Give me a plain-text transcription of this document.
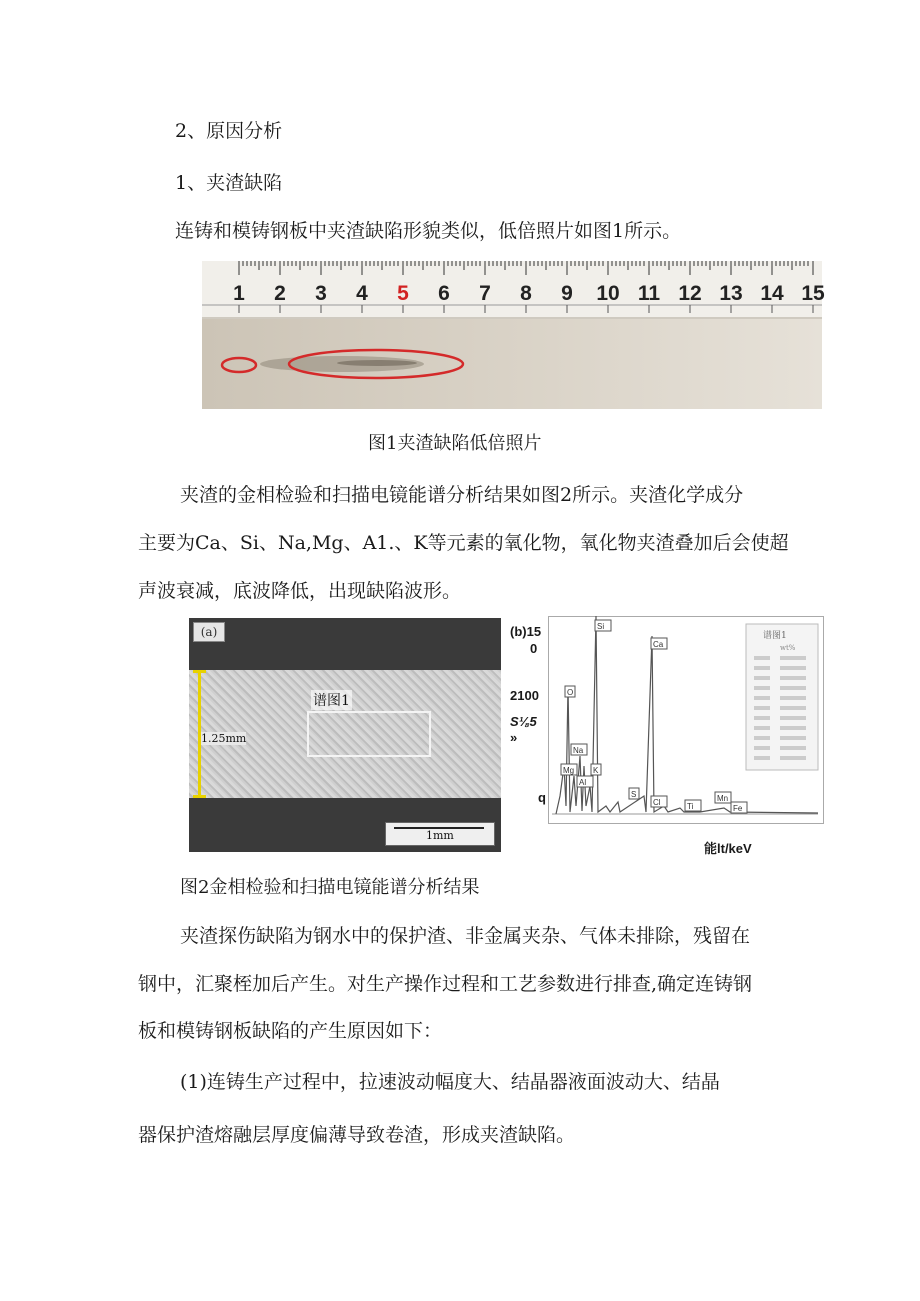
2、原因分析
1、夹渣缺陷
连铸和模铸钢板中夹渣缺陷形貌类似，低倍照片如图1所示。
1 2 3 4 5 6 7 8 9 10 11 12 13 14 15
图1夹渣缺陷低倍照片
夹渣的金相检验和扫描电镜能谱分析结果如图2所示。夹渣化学成分
主要为Ca、Si、Na,Mg、A1.、K等元素的氧化物，氧化物夹渣叠加后会使超
声波衰减，底波降低，出现缺陷波形。
(a)
谱图1
1.25mm
1mm
(b)15
0
2100
S⅛5
»
q
Si
Ca
O
Na
Mg
Al
K
S
Cl	Ti	Fe
Mn
谱图1
wt%
能lt/keV
图2金相检验和扫描电镜能谱分析结果
夹渣探伤缺陷为钢水中的保护渣、非金属夹杂、气体未排除，残留在
钢中，汇聚桎加后产生。对生产操作过程和工艺参数进行排查,确定连铸钢
板和模铸钢板缺陷的产生原因如下：
(1)连铸生产过程中，拉速波动幅度大、结晶器液面波动大、结晶
器保护渣熔融层厚度偏薄导致卷渣，形成夹渣缺陷。
